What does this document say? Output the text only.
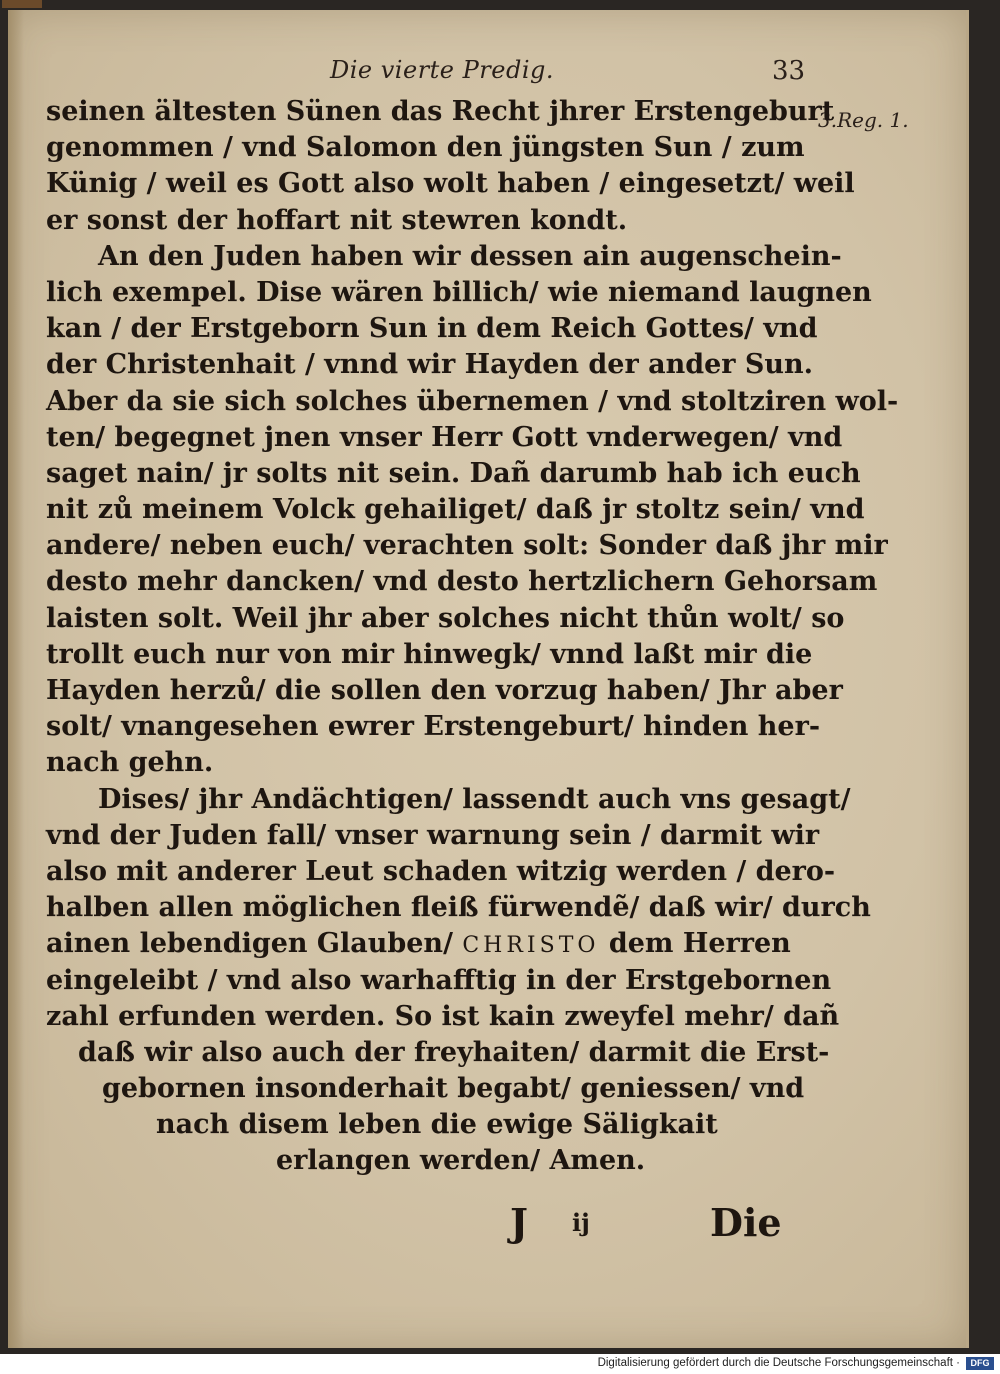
Die vierte Predig.	33
3.Reg. 1.
seinen ältesten Sünen das Recht jhrer Erstengeburt
genommen / vnd Salomon den jüngsten Sun / zum
Künig / weil es Gott also wolt haben / eingesetzt/ weil
er sonst der hoffart nit stewren kondt.
An den Juden haben wir dessen ain augenschein-
lich exempel. Dise wären billich/ wie niemand laugnen
kan / der Erstgeborn Sun in dem Reich Gottes/ vnd
der Christenhait / vnnd wir Hayden der ander Sun.
Aber da sie sich solches übernemen / vnd stoltziren wol-
ten/ begegnet jnen vnser Herr Gott vnderwegen/ vnd
saget nain/ jr solts nit sein. Dañ darumb hab ich euch
nit zů meinem Volck gehailiget/ daß jr stoltz sein/ vnd
andere/ neben euch/ verachten solt: Sonder daß jhr mir
desto mehr dancken/ vnd desto hertzlichern Gehorsam
laisten solt. Weil jhr aber solches nicht thůn wolt/ so
trollt euch nur von mir hinwegk/ vnnd laßt mir die
Hayden herzů/ die sollen den vorzug haben/ Jhr aber
solt/ vnangesehen ewrer Erstengeburt/ hinden her-
nach gehn.
Dises/ jhr Andächtigen/ lassendt auch vns gesagt/
vnd der Juden fall/ vnser warnung sein / darmit wir
also mit anderer Leut schaden witzig werden / dero-
halben allen möglichen fleiß fürwendẽ/ daß wir/ durch
ainen lebendigen Glauben/ CHRISTO dem Herren
eingeleibt / vnd also warhafftig in der Erstgebornen
zahl erfunden werden. So ist kain zweyfel mehr/ dañ
daß wir also auch der freyhaiten/ darmit die Erst-
gebornen insonderhait begabt/ geniessen/ vnd
nach disem leben die ewige Säligkait
erlangen werden/ Amen.
J ij	Die
Digitalisierung gefördert durch die Deutsche Forschungsgemeinschaft ·	DFG
